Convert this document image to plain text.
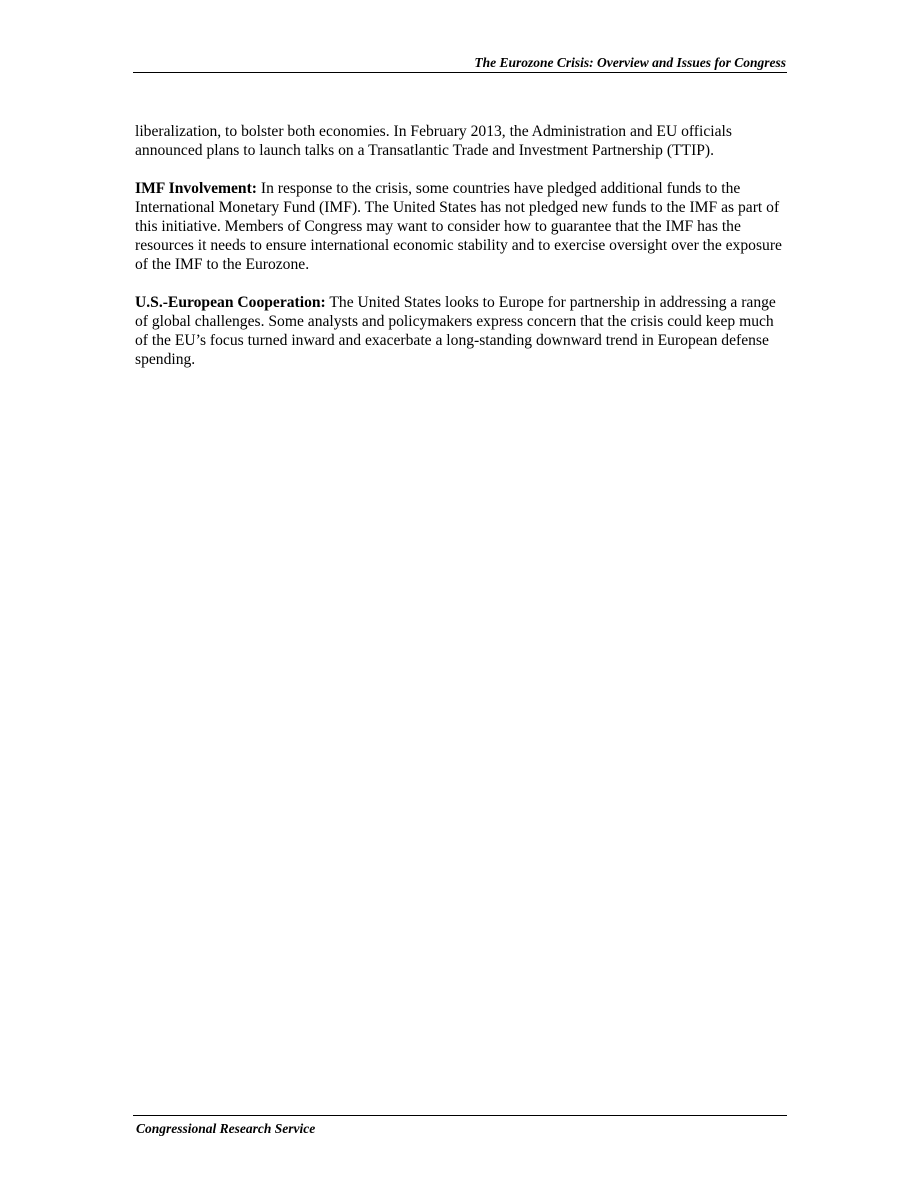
The Eurozone Crisis: Overview and Issues for Congress

liberalization, to bolster both economies. In February 2013, the Administration and EU officials announced plans to launch talks on a Transatlantic Trade and Investment Partnership (TTIP).

IMF Involvement: In response to the crisis, some countries have pledged additional funds to the International Monetary Fund (IMF). The United States has not pledged new funds to the IMF as part of this initiative. Members of Congress may want to consider how to guarantee that the IMF has the resources it needs to ensure international economic stability and to exercise oversight over the exposure of the IMF to the Eurozone.

U.S.-European Cooperation: The United States looks to Europe for partnership in addressing a range of global challenges. Some analysts and policymakers express concern that the crisis could keep much of the EU’s focus turned inward and exacerbate a long-standing downward trend in European defense spending.

Congressional Research Service
